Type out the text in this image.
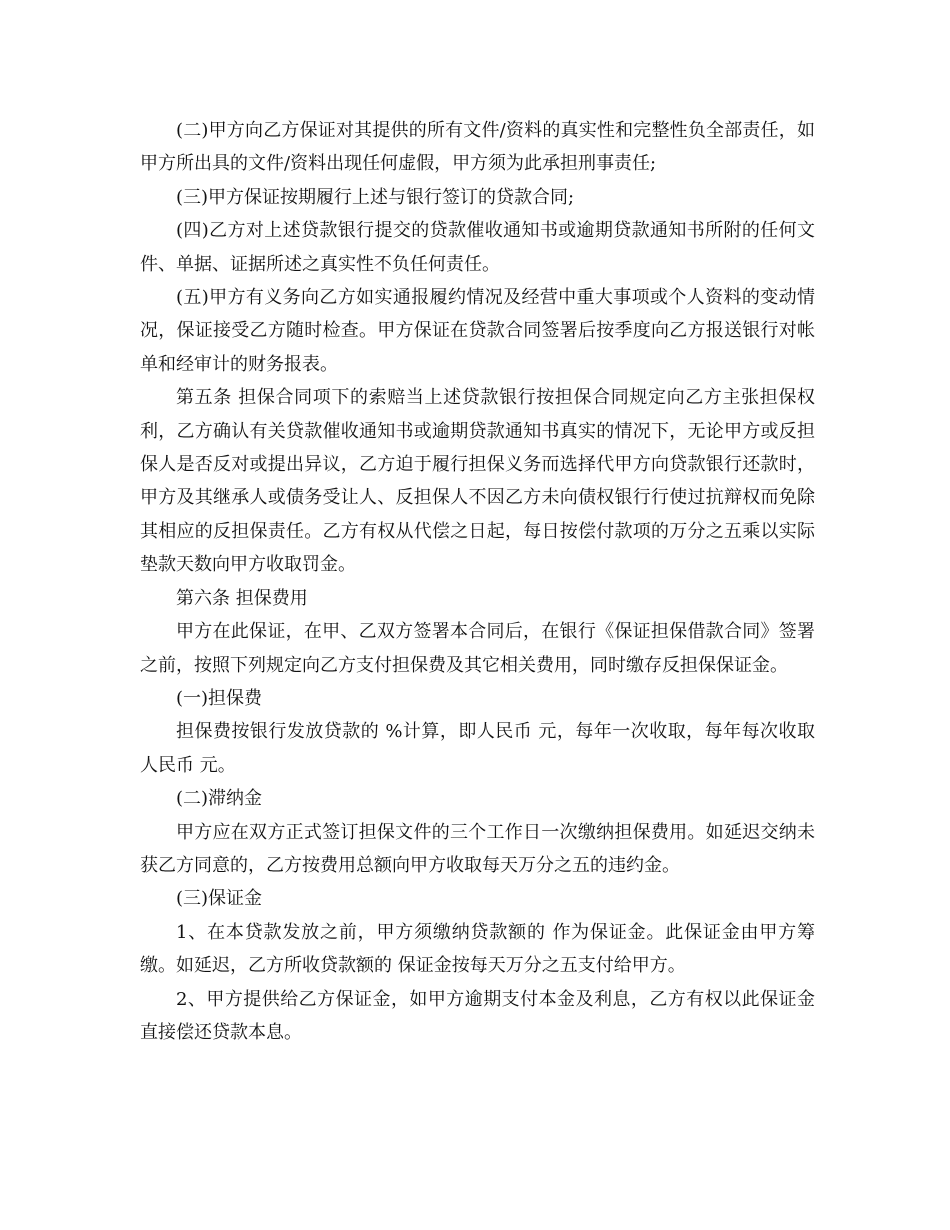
(二)甲方向乙方保证对其提供的所有文件/资料的真实性和完整性负全部责任，如甲方所出具的文件/资料出现任何虚假，甲方须为此承担刑事责任;

(三)甲方保证按期履行上述与银行签订的贷款合同;

(四)乙方对上述贷款银行提交的贷款催收通知书或逾期贷款通知书所附的任何文件、单据、证据所述之真实性不负任何责任。

(五)甲方有义务向乙方如实通报履约情况及经营中重大事项或个人资料的变动情况，保证接受乙方随时检查。甲方保证在贷款合同签署后按季度向乙方报送银行对帐单和经审计的财务报表。

第五条 担保合同项下的索赔当上述贷款银行按担保合同规定向乙方主张担保权利，乙方确认有关贷款催收通知书或逾期贷款通知书真实的情况下，无论甲方或反担保人是否反对或提出异议，乙方迫于履行担保义务而选择代甲方向贷款银行还款时，甲方及其继承人或债务受让人、反担保人不因乙方未向债权银行行使过抗辩权而免除其相应的反担保责任。乙方有权从代偿之日起，每日按偿付款项的万分之五乘以实际垫款天数向甲方收取罚金。

第六条 担保费用

甲方在此保证，在甲、乙双方签署本合同后，在银行《保证担保借款合同》签署之前，按照下列规定向乙方支付担保费及其它相关费用，同时缴存反担保保证金。

(一)担保费

担保费按银行发放贷款的 %计算，即人民币 元，每年一次收取，每年每次收取人民币 元。

(二)滞纳金

甲方应在双方正式签订担保文件的三个工作日一次缴纳担保费用。如延迟交纳未获乙方同意的，乙方按费用总额向甲方收取每天万分之五的违约金。

(三)保证金

1、在本贷款发放之前，甲方须缴纳贷款额的 作为保证金。此保证金由甲方筹缴。如延迟，乙方所收贷款额的 保证金按每天万分之五支付给甲方。

2、甲方提供给乙方保证金，如甲方逾期支付本金及利息，乙方有权以此保证金直接偿还贷款本息。
